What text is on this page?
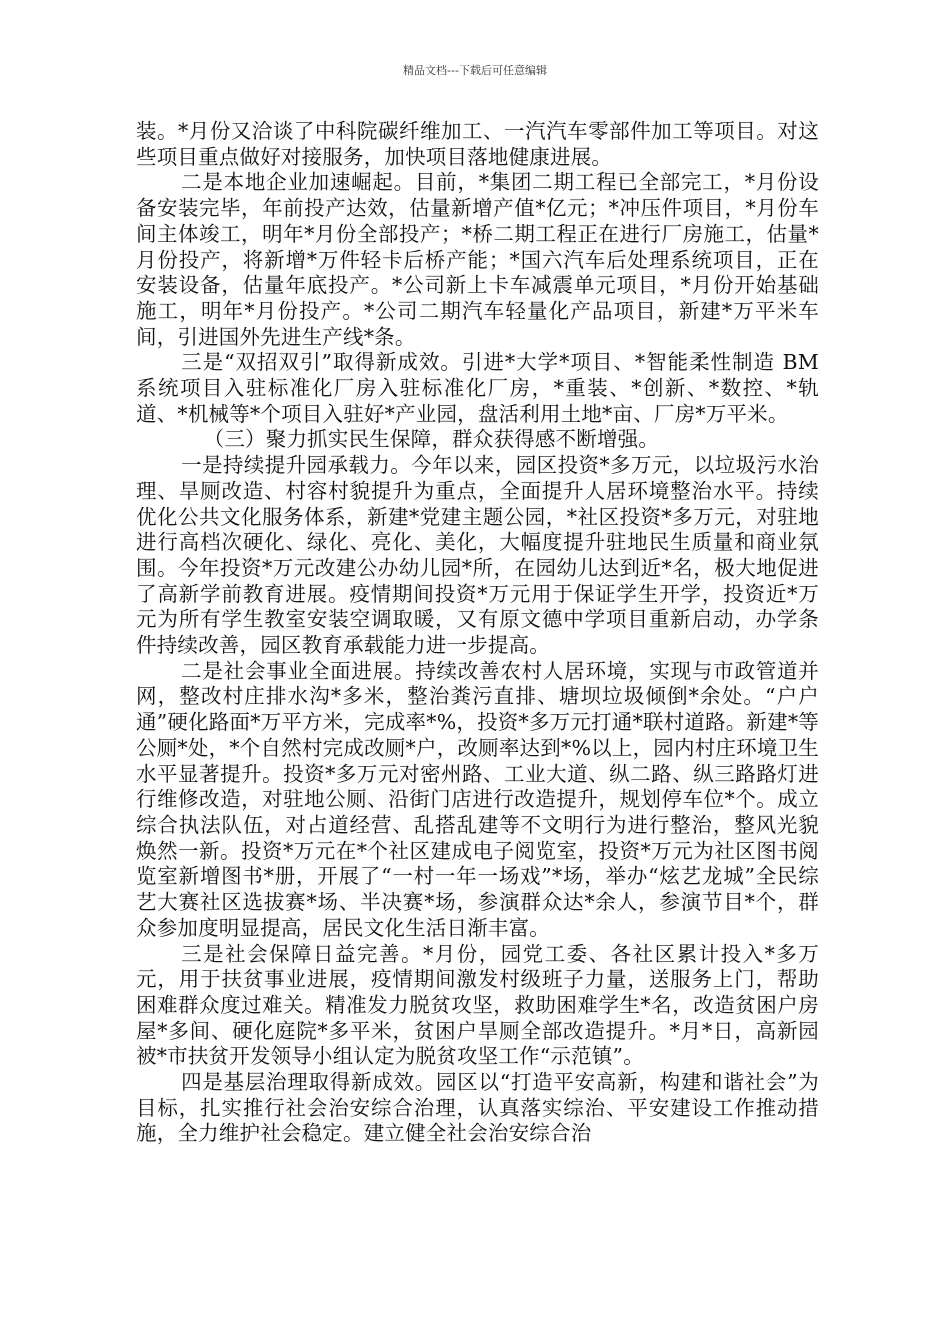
精品文档---下载后可任意编辑

装。*月份又洽谈了中科院碳纤维加工、一汽汽车零部件加工等项目。对这些项目重点做好对接服务，加快项目落地健康进展。

二是本地企业加速崛起。目前，*集团二期工程已全部完工，*月份设备安装完毕，年前投产达效，估量新增产值*亿元；*冲压件项目，*月份车间主体竣工，明年*月份全部投产；*桥二期工程正在进行厂房施工，估量*月份投产，将新增*万件轻卡后桥产能；*国六汽车后处理系统项目，正在安装设备，估量年底投产。*公司新上卡车减震单元项目，*月份开始基础施工，明年*月份投产。*公司二期汽车轻量化产品项目，新建*万平米车间，引进国外先进生产线*条。

三是“双招双引”取得新成效。引进*大学*项目、*智能柔性制造 BM 系统项目入驻标准化厂房入驻标准化厂房，*重装、*创新、*数控、*轨道、*机械等*个项目入驻好*产业园，盘活利用土地*亩、厂房*万平米。

（三）聚力抓实民生保障，群众获得感不断增强。

一是持续提升园承载力。今年以来，园区投资*多万元，以垃圾污水治理、旱厕改造、村容村貌提升为重点，全面提升人居环境整治水平。持续优化公共文化服务体系，新建*党建主题公园，*社区投资*多万元，对驻地进行高档次硬化、绿化、亮化、美化，大幅度提升驻地民生质量和商业氛围。今年投资*万元改建公办幼儿园*所，在园幼儿达到近*名，极大地促进了高新学前教育进展。疫情期间投资*万元用于保证学生开学，投资近*万元为所有学生教室安装空调取暖，又有原文德中学项目重新启动，办学条件持续改善，园区教育承载能力进一步提高。

二是社会事业全面进展。持续改善农村人居环境，实现与市政管道并网，整改村庄排水沟*多米，整治粪污直排、塘坝垃圾倾倒*余处。“户户通”硬化路面*万平方米，完成率*%，投资*多万元打通*联村道路。新建*等公厕*处，*个自然村完成改厕*户，改厕率达到*%以上，园内村庄环境卫生水平显著提升。投资*多万元对密州路、工业大道、纵二路、纵三路路灯进行维修改造，对驻地公厕、沿街门店进行改造提升，规划停车位*个。成立综合执法队伍，对占道经营、乱搭乱建等不文明行为进行整治，整风光貌焕然一新。投资*万元在*个社区建成电子阅览室，投资*万元为社区图书阅览室新增图书*册，开展了“一村一年一场戏”*场，举办“炫艺龙城”全民综艺大赛社区选拔赛*场、半决赛*场，参演群众达*余人，参演节目*个，群众参加度明显提高，居民文化生活日渐丰富。

三是社会保障日益完善。*月份，园党工委、各社区累计投入*多万元，用于扶贫事业进展，疫情期间激发村级班子力量，送服务上门，帮助困难群众度过难关。精准发力脱贫攻坚，救助困难学生*名，改造贫困户房屋*多间、硬化庭院*多平米，贫困户旱厕全部改造提升。*月*日，高新园被*市扶贫开发领导小组认定为脱贫攻坚工作“示范镇”。

四是基层治理取得新成效。园区以“打造平安高新，构建和谐社会”为目标，扎实推行社会治安综合治理，认真落实综治、平安建设工作推动措施，全力维护社会稳定。建立健全社会治安综合治
